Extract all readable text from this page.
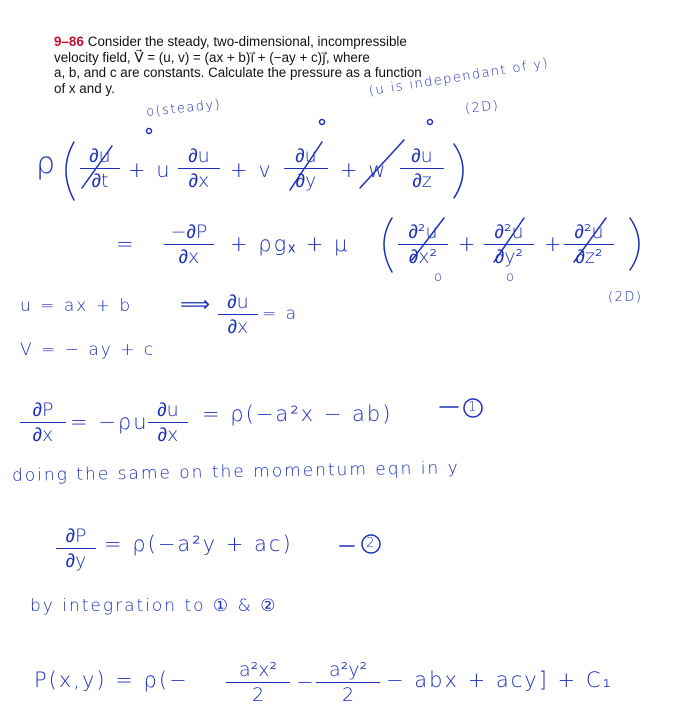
9–86 Consider the steady, two-dimensional, incompressible
velocity field, V⃗ = (u, v) = (ax + b)i⃗ + (−ay + c)j⃗, where
a, b, and c are constants. Calculate the pressure as a function
of x and y.
o(steady)
(u is independant of y)
(2D)
ρ	∂u
∂t + u
∂u
∂x + v
∂u
∂y	+ w
∂u
∂z
=	−∂P
∂x
+ ρgₓ + μ	∂²u
∂x²
+ ∂²u
∂y²
+ ∂²u
∂z²
o	o
(2D)
u = ax + b ⟹ ∂u
∂x
= a
V = − ay + c
∂P
∂x
= −ρu ∂u
∂x
= ρ(−a²x − ab)	1
doing the same on the momentum eqn in y
∂P
∂y
= ρ(−a²y + ac)	2
by integration to ① & ②
P(x,y) = ρ(−	a²x²
2
− a²y²
2
− abx + acy] + C₁
